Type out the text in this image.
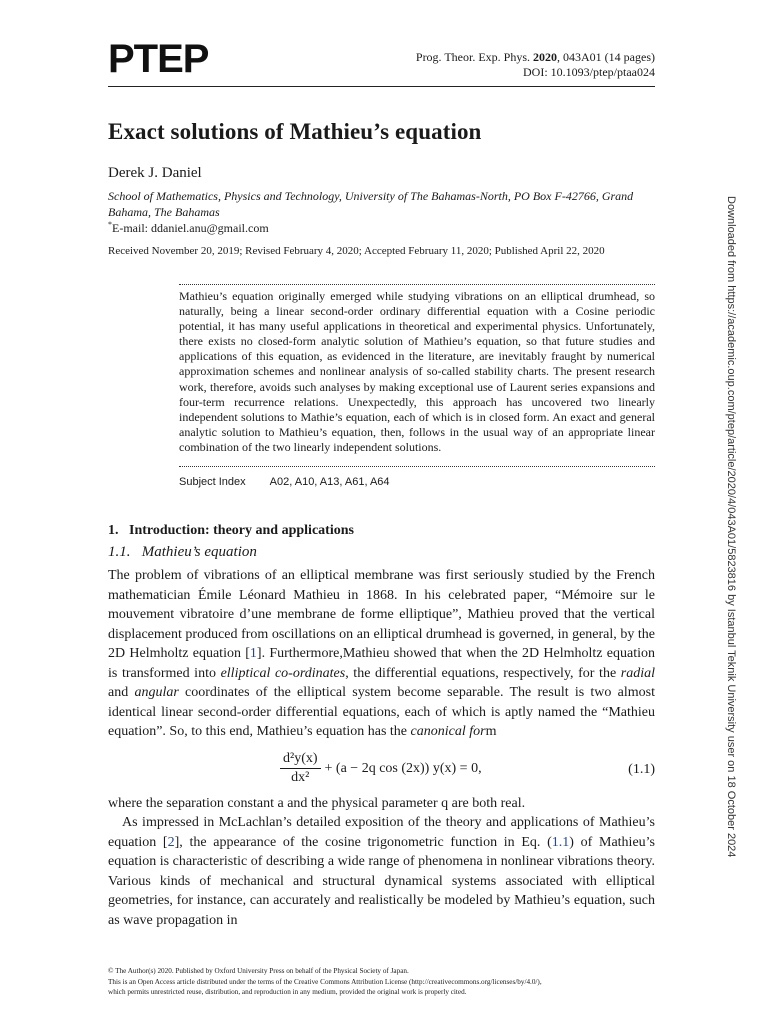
PTEP	Prog. Theor. Exp. Phys. 2020, 043A01 (14 pages)
DOI: 10.1093/ptep/ptaa024
Exact solutions of Mathieu’s equation
Derek J. Daniel
School of Mathematics, Physics and Technology, University of The Bahamas-North, PO Box F-42766, Grand Bahama, The Bahamas
*E-mail: ddaniel.anu@gmail.com
Received November 20, 2019; Revised February 4, 2020; Accepted February 11, 2020; Published April 22, 2020
Mathieu’s equation originally emerged while studying vibrations on an elliptical drumhead, so naturally, being a linear second-order ordinary differential equation with a Cosine periodic potential, it has many useful applications in theoretical and experimental physics. Unfortunately, there exists no closed-form analytic solution of Mathieu’s equation, so that future studies and applications of this equation, as evidenced in the literature, are inevitably fraught by numerical approximation schemes and nonlinear analysis of so-called stability charts. The present research work, therefore, avoids such analyses by making exceptional use of Laurent series expansions and four-term recurrence relations. Unexpectedly, this approach has uncovered two linearly independent solutions to Mathie’s equation, each of which is in closed form. An exact and general analytic solution to Mathieu’s equation, then, follows in the usual way of an appropriate linear combination of the two linearly independent solutions.
Subject Index A02, A10, A13, A61, A64
1. Introduction: theory and applications
1.1. Mathieu’s equation
The problem of vibrations of an elliptical membrane was first seriously studied by the French mathematician Émile Léonard Mathieu in 1868. In his celebrated paper, “Mémoire sur le mouvement vibratoire d’une membrane de forme elliptique”, Mathieu proved that the vertical displacement produced from oscillations on an elliptical drumhead is governed, in general, by the 2D Helmholtz equation [1]. Furthermore,Mathieu showed that when the 2D Helmholtz equation is transformed into elliptical co-ordinates, the differential equations, respectively, for the radial and angular coordinates of the elliptical system become separable. The result is two almost identical linear second-order differential equations, each of which is aptly named the “Mathieu equation”. So, to this end, Mathieu’s equation has the canonical form
$\frac{\text{d²y(x)}}{\text{dx²}} + (a - 2q$ cos (2x)) y(x) = 0,	(1.1)
where the separation constant a and the physical parameter q are both real.
As impressed in McLachlan’s detailed exposition of the theory and applications of Mathieu’s equation [2], the appearance of the cosine trigonometric function in Eq. (1.1) of Mathieu’s equation is characteristic of describing a wide range of phenomena in nonlinear vibrations theory. Various kinds of mechanical and structural dynamical systems associated with elliptical geometries, for instance, can accurately and realistically be modeled by Mathieu’s equation, such as wave propagation in
Downloaded from https://academic.oup.com/ptep/article/2020/4/043A01/5823816 by Istanbul Teknik University user on 18 October 2024
© The Author(s) 2020. Published by Oxford University Press on behalf of the Physical Society of Japan.
This is an Open Access article distributed under the terms of the Creative Commons Attribution License (http://creativecommons.org/licenses/by/4.0/),
which permits unrestricted reuse, distribution, and reproduction in any medium, provided the original work is properly cited.
